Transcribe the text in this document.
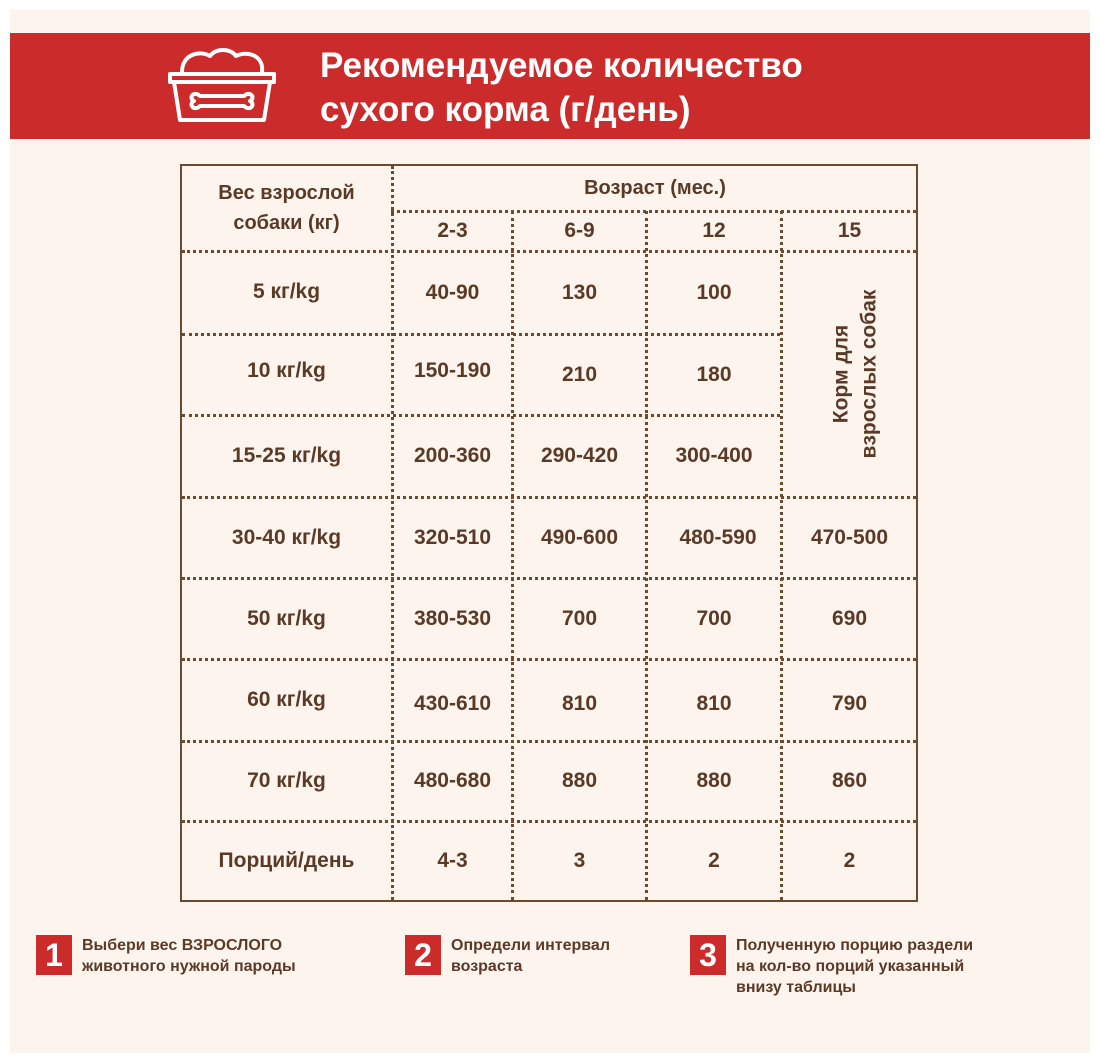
Рекомендуемое количество
сухого корма (г/день)
Вес взрослой
собаки (кг)
Возраст (мес.)
2-3	6-9	12	15
5 кг/kg	40-90	130	100
10 кг/kg	150-190	210	180
15-25 кг/kg	200-360	290-420	300-400
Корм для взрослых собак
30-40 кг/kg	320-510	490-600	480-590	470-500
50 кг/kg	380-530	700	700	690
60 кг/kg	430-610	810	810	790
70 кг/kg	480-680	880	880	860
Порций/день	4-3	3	2	2
1	Выбери вес ВЗРОСЛОГО
животного нужной пароды	2	Определи интервал
возраста	3	Полученную порцию раздели
на кол-во порций указанный
внизу таблицы
